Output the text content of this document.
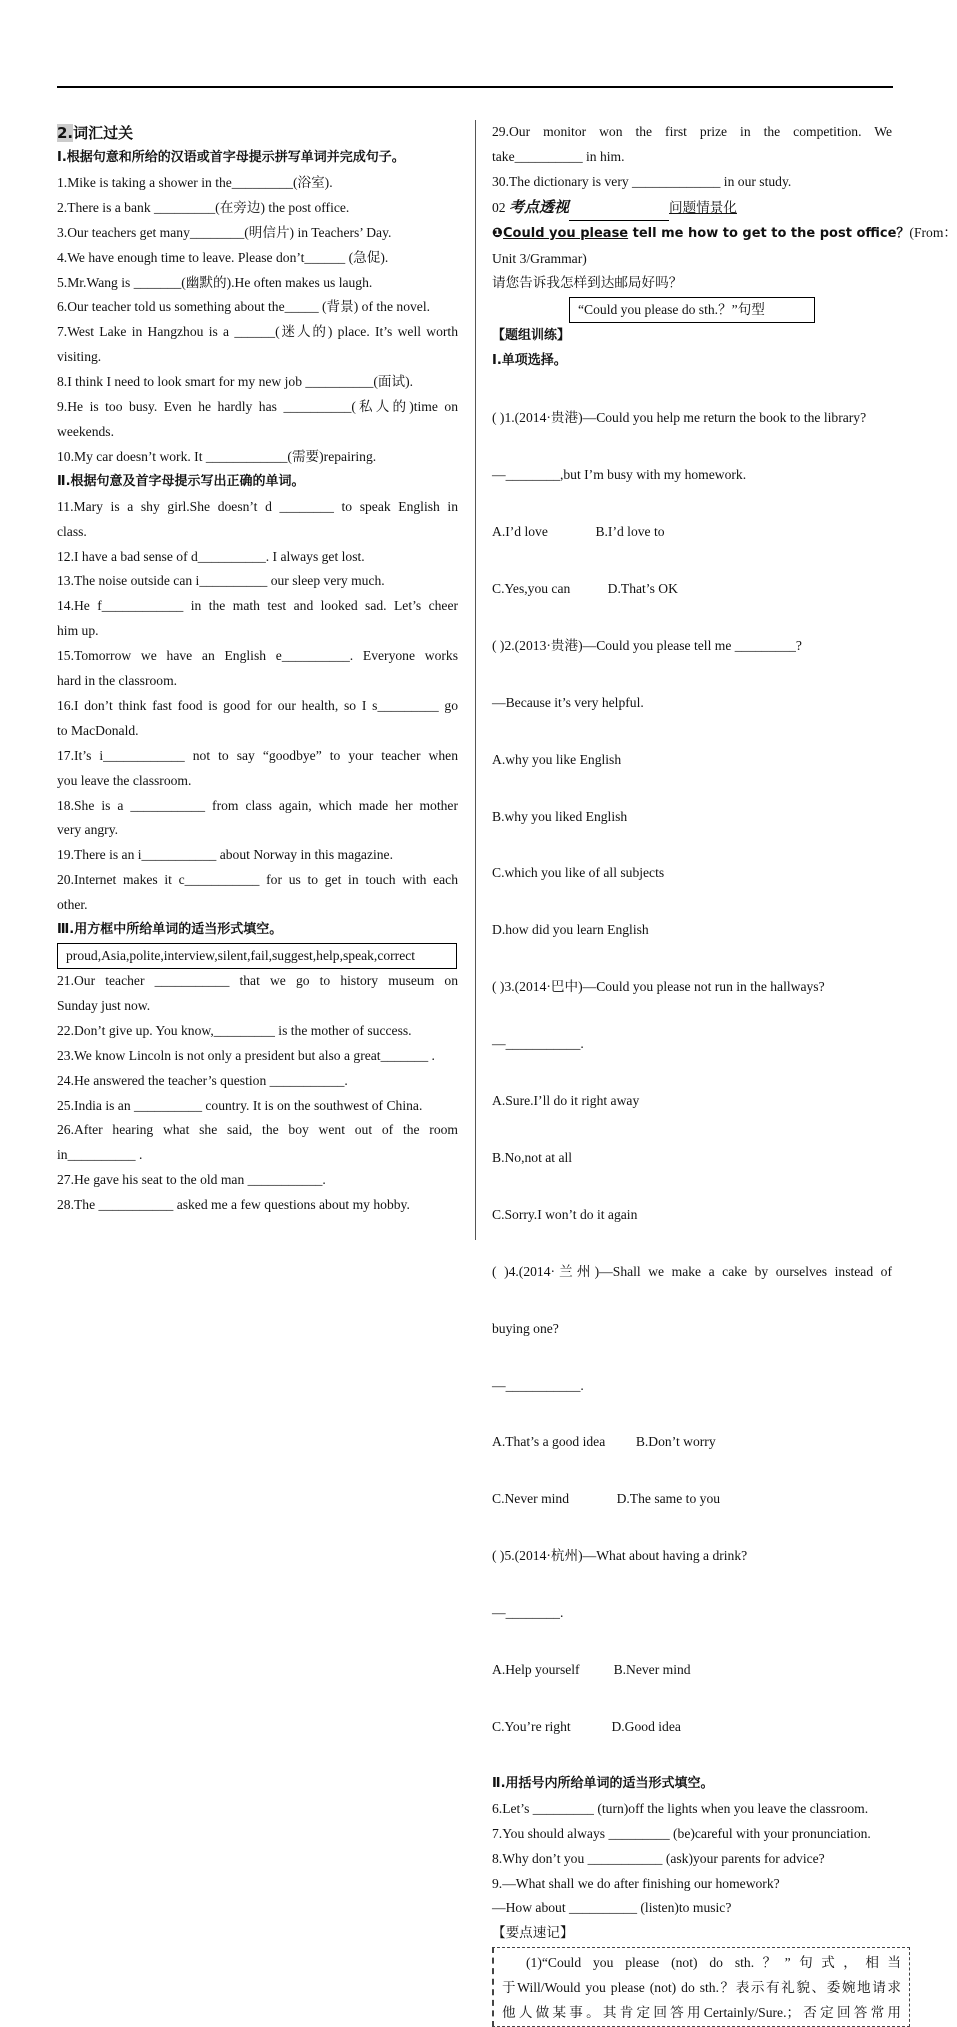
2.词汇过关
Ⅰ.根据句意和所给的汉语或首字母提示拼写单词并完成句子。
1.Mike is taking a shower in the_________(浴室).
2.There is a bank _________(在旁边) the post office.
3.Our teachers get many________(明信片) in Teachers’ Day.
4.We have enough time to leave. Please don’t______ (急促).
5.Mr.Wang is _______(幽默的).He often makes us laugh.
6.Our teacher told us something about the_____ (背景) of the novel.
7.West Lake in Hangzhou is a ______(迷人的) place. It’s well worth
visiting.
8.I think I need to look smart for my new job __________(面试).
9.He is too busy. Even he hardly has __________(私人的)time on
weekends.
10.My car doesn’t work. It ____________(需要)repairing.
Ⅱ.根据句意及首字母提示写出正确的单词。
11.Mary is a shy girl.She doesn’t d ________ to speak English in
class.
12.I have a bad sense of d__________. I always get lost.
13.The noise outside can i__________ our sleep very much.
14.He f____________ in the math test and looked sad. Let’s cheer
him up.
15.Tomorrow we have an English e__________. Everyone works
hard in the classroom.
16.I don’t think fast food is good for our health, so I s_________ go
to MacDonald.
17.It’s i____________ not to say “goodbye” to your teacher when
you leave the classroom.
18.She is a ___________ from class again, which made her mother
very angry.
19.There is an i___________ about Norway in this magazine.
20.Internet makes it c___________ for us to get in touch with each
other.
Ⅲ.用方框中所给单词的适当形式填空。
proud,Asia,polite,interview,silent,fail,suggest,help,speak,correct
21.Our teacher ___________ that we go to history museum on
Sunday just now.
22.Don’t give up. You know,_________ is the mother of success.
23.We know Lincoln is not only a president but also a great_______ .
24.He answered the teacher’s question ___________.
25.India is an __________ country. It is on the southwest of China.
26.After hearing what she said, the boy went out of the room
in__________ .
27.He gave his seat to the old man ___________.
28.The ___________ asked me a few questions about my hobby.
29.Our monitor won the first prize in the competition. We
take__________ in him.
30.The dictionary is very _____________ in our study.
02 考点透视	问题情景化
❶Could you please tell me how to get to the post office？(From：
Unit 3/Grammar)
请您告诉我怎样到达邮局好吗？
“Could you please do sth.？”句型
【题组训练】
Ⅰ.单项选择。

( )1.(2014·贵港)—Could you help me return the book to the library?

—________,but I’m busy with my homework.

A.I’d love              B.I’d love to

C.Yes,you can           D.That’s OK

( )2.(2013·贵港)—Could you please tell me _________?

—Because it’s very helpful.

A.why you like English

B.why you liked English

C.which you like of all subjects

D.how did you learn English

( )3.(2014·巴中)—Could you please not run in the hallways?

—___________.

A.Sure.I’ll do it right away

B.No,not at all

C.Sorry.I won’t do it again

( )4.(2014·兰州)—Shall we make a cake by ourselves instead of

buying one?

—___________.

A.That’s a good idea         B.Don’t worry

C.Never mind              D.The same to you

( )5.(2014·杭州)—What about having a drink?

—________.

A.Help yourself          B.Never mind

C.You’re right            D.Good idea

Ⅱ.用括号内所给单词的适当形式填空。
6.Let’s _________ (turn)off the lights when you leave the classroom.
7.You should always _________ (be)careful with your pronunciation.
8.Why don’t you ___________ (ask)your parents for advice?
9.—What shall we do after finishing our homework?
—How about __________ (listen)to music?
【要点速记】
(1)“Could you please (not) do sth.？”句式，相当
于Will/Would you please (not) do sth.？表示有礼貌、委婉地请求
他人做某事。其肯定回答用Certainly/Sure.；否定回答常用
